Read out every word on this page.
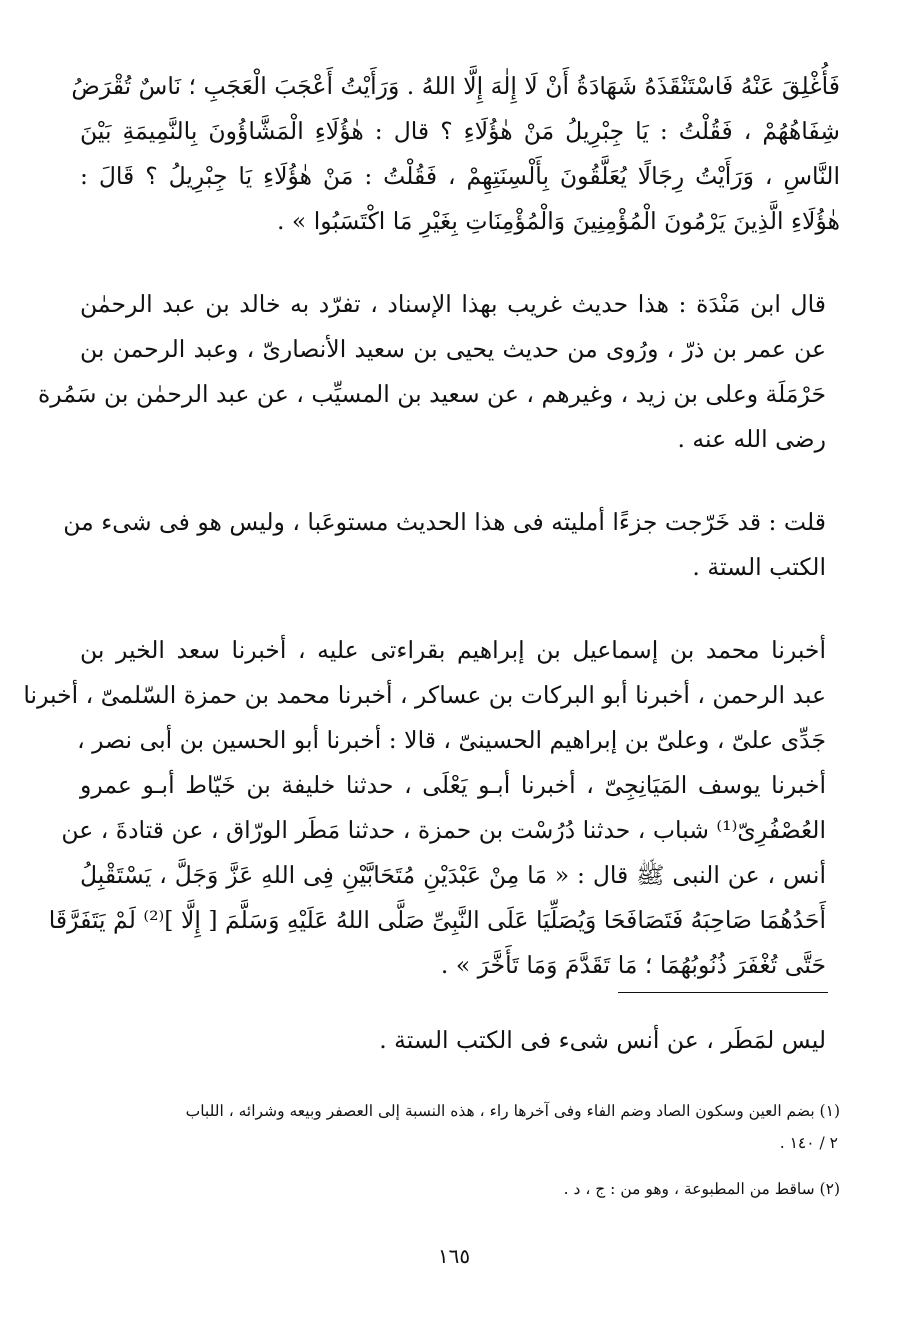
فَأُغْلِقَ عَنْهُ فَاسْتَنْقَذَهُ شَهَادَةُ أَنْ لَا إِلٰهَ إِلَّا اللهُ . وَرَأَيْتُ أَعْجَبَ الْعَجَبِ ؛ نَاسٌ تُقْرَضُ
شِفَاهُهُمْ ، فَقُلْتُ : يَا جِبْرِيلُ مَنْ هٰؤُلَاءِ ؟ قال : هٰؤُلَاءِ الْمَشَّاؤُونَ بِالنَّمِيمَةِ بَيْنَ
النَّاسِ ، وَرَأَيْتُ رِجَالًا يُعَلَّقُونَ بِأَلْسِنَتِهِمْ ، فَقُلْتُ : مَنْ هٰؤُلَاءِ يَا جِبْرِيلُ ؟ قَالَ :
هٰؤُلَاءِ الَّذِينَ يَرْمُونَ الْمُؤْمِنِينَ وَالْمُؤْمِنَاتِ بِغَيْرِ مَا اكْتَسَبُوا » .
قال ابن مَنْدَة : هذا حديث غريب بهذا الإسناد ، تفرّد به خالد بن عبد الرحمٰن
عن عمر بن ذرّ ، ورُوى من حديث يحيى بن سعيد الأنصارىّ ، وعبد الرحمن بن
حَرْمَلَة وعلى بن زيد ، وغيرهم ، عن سعيد بن المسيِّب ، عن عبد الرحمٰن بن سَمُرة
رضى الله عنه .
قلت : قد خَرّجت جزءًا أمليته فى هذا الحديث مستوعَبا ، وليس هو فى شىء من
الكتب الستة .
أخبرنا محمد بن إسماعيل بن إبراهيم بقراءتى عليه ، أخبرنا سعد الخير بن
عبد الرحمن ، أخبرنا أبو البركات بن عساكر ، أخبرنا محمد بن حمزة السّلمىّ ، أخبرنا
جَدِّى علىّ ، وعلىّ بن إبراهيم الحسينىّ ، قالا : أخبرنا أبو الحسين بن أبى نصر ،
أخبرنا يوسف المَيَانِجِىّ ، أخبرنا أبـو يَعْلَى ، حدثنا خليفة بن خَيّاط أبـو عمرو
العُصْفُرِىّ⁽¹⁾ شباب ، حدثنا دُرُسْت بن حمزة ، حدثنا مَطَر الورّاق ، عن قتادةَ ، عن
أنس ، عن النبى ﷺ قال : « مَا مِنْ عَبْدَيْنِ مُتَحَابَّيْنِ فِى اللهِ عَزَّ وَجَلَّ ، يَسْتَقْبِلُ
أَحَدُهُمَا صَاحِبَهُ فَتَصَافَحَا وَيُصَلِّيَا عَلَى النَّبِىِّ صَلَّى اللهُ عَلَيْهِ وَسَلَّمَ [ إِلَّا ]⁽²⁾ لَمْ يَتَفَرَّقَا
حَتَّى تُغْفَرَ ذُنُوبُهُمَا ؛ مَا تَقَدَّمَ وَمَا تَأَخَّرَ » .
ليس لمَطَر ، عن أنس شىء فى الكتب الستة .
(١) بضم العين وسكون الصاد وضم الفاء وفى آخرها راء ، هذه النسبة إلى العصفر وبيعه وشرائه ، اللباب
٢ / ١٤٠ .
(٢) ساقط من المطبوعة ، وهو من : ج ، د .
١٦٥
